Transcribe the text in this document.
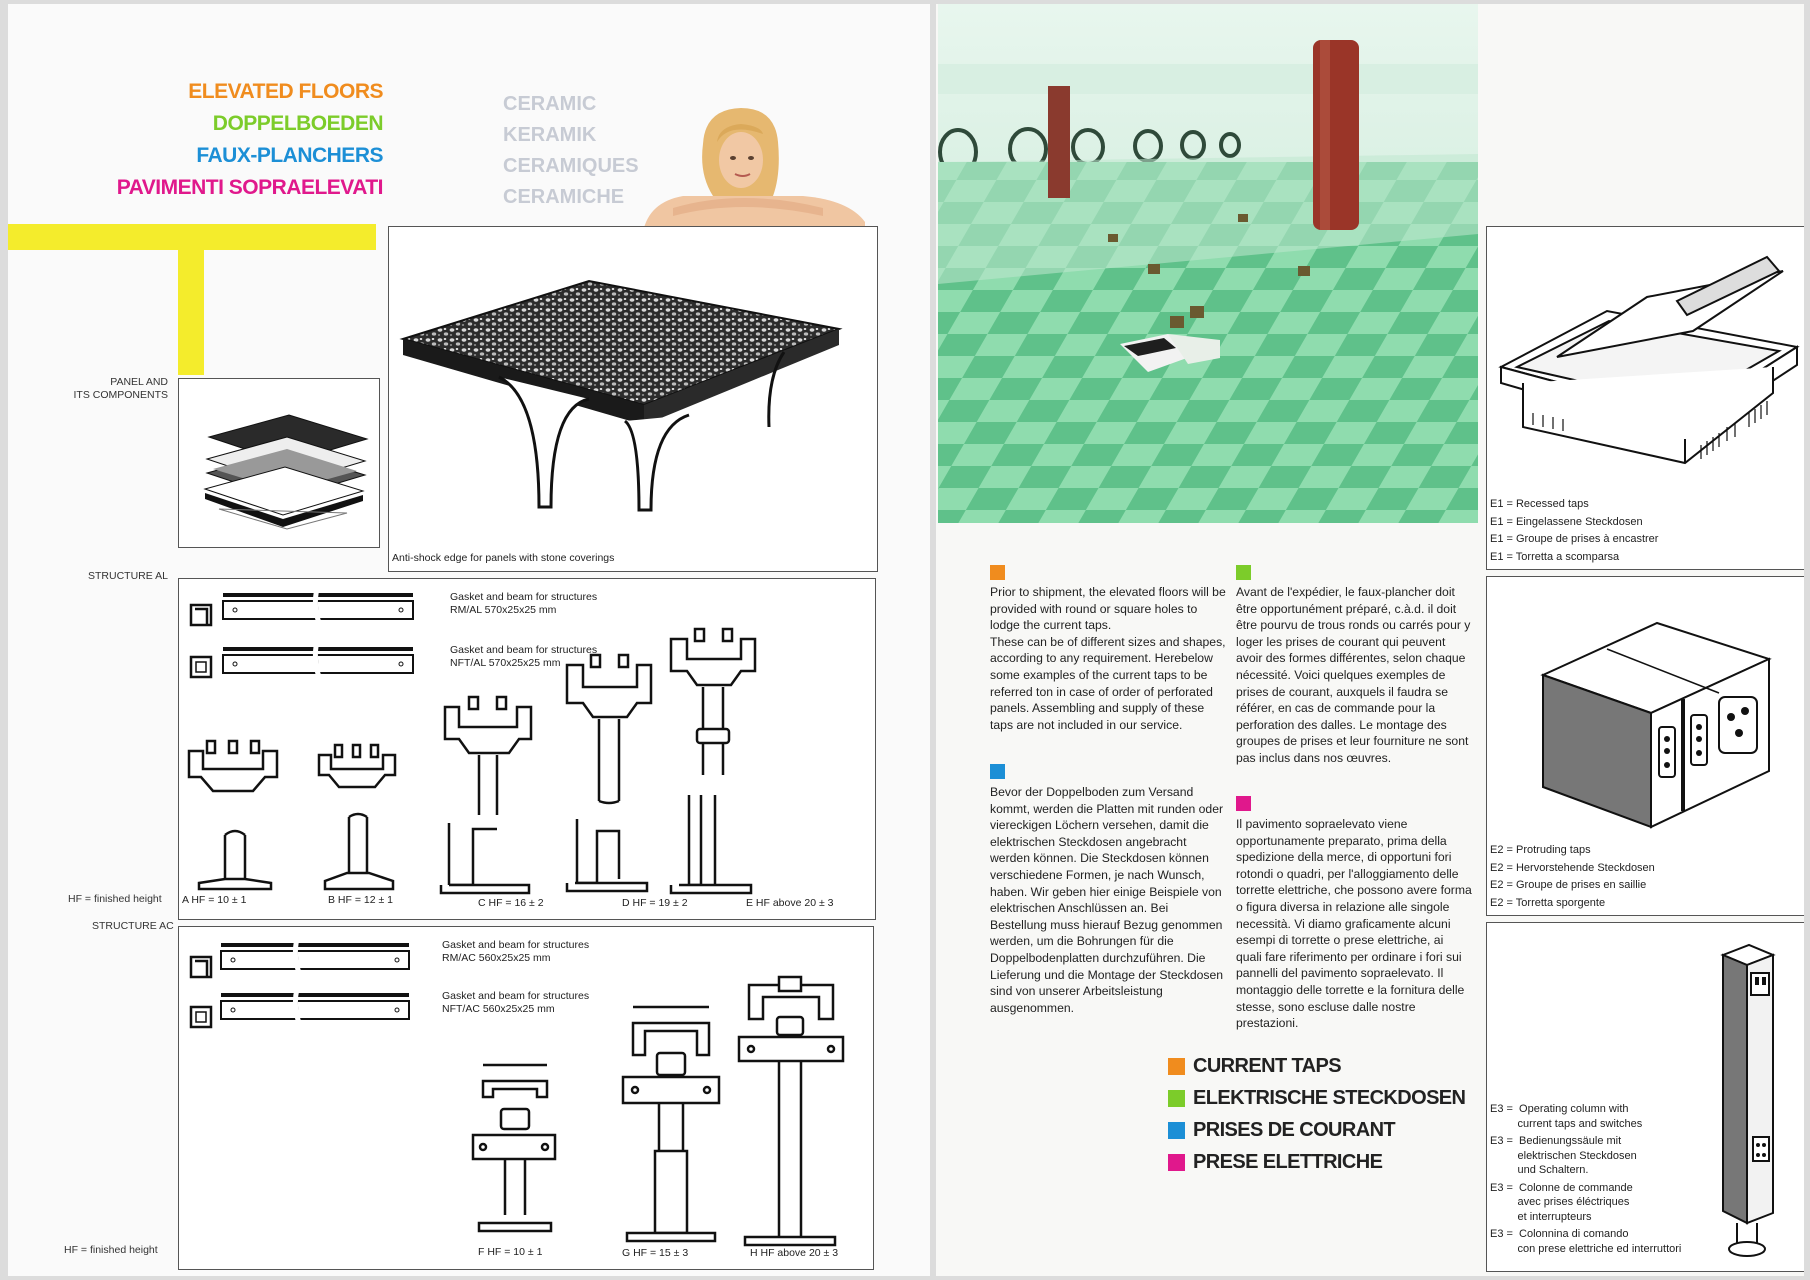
CERAMIC
KERAMIK
CERAMIQUES
CERAMICHE
ELEVATED FLOORS
DOPPELBOEDEN
FAUX-PLANCHERS
PAVIMENTI SOPRAELEVATI
Anti-shock edge for panels with stone coverings
PANEL AND
ITS COMPONENTS
STRUCTURE AL
Gasket and beam for structures
RM/AL 570x25x25 mm
Gasket and beam for structures
NFT/AL 570x25x25 mm
A HF = 10 ± 1	B HF = 12 ± 1	C HF = 16 ± 2	D HF = 19 ± 2	E HF above 20 ± 3
HF = finished height
STRUCTURE AC
Gasket and beam for structures
RM/AC 560x25x25 mm
Gasket and beam for structures
NFT/AC 560x25x25 mm
F HF = 10 ± 1	G HF = 15 ± 3	H HF above 20 ± 3
HF = finished height
Prior to shipment, the elevated floors will be provided with round or square holes to lodge the current taps.
These can be of different sizes and shapes, according to any requirement. Herebelow some examples of the current taps to be referred ton in case of order of perforated panels. Assembling and supply of these taps are not included in our service.
Bevor der Doppelboden zum Versand kommt, werden die Platten mit runden oder viereckigen Löchern versehen, damit die elektrischen Steckdosen angebracht werden können. Die Steckdosen können verschiedene Formen, je nach Wunsch, haben. Wir geben hier einige Beispiele von elektrischen Anschlüssen an. Bei Bestellung muss hierauf Bezug genommen werden, um die Bohrungen für die Doppelbodenplatten durchzuführen. Die Lieferung und die Montage der Steckdosen sind von unserer Arbeitsleistung ausgenommen.
Avant de l'expédier, le faux-plancher doit être opportunément préparé, c.à.d. il doit être pourvu de trous ronds ou carrés pour y loger les prises de courant qui peuvent avoir des formes différentes, selon chaque nécessité. Voici quelques exemples de prises de courant, auxquels il faudra se référer, en cas de commande pour la perforation des dalles. Le montage des groupes de prises et leur fourniture ne sont pas inclus dans nos œuvres.
Il pavimento sopraelevato viene opportunamente preparato, prima della spedizione della merce, di opportuni fori rotondi o quadri, per l'alloggiamento delle torrette elettriche, che possono avere forma o figura diversa in relazione alle singole necessità. Vi diamo graficamente alcuni esempi di torrette o prese elettriche, ai quali fare riferimento per ordinare i fori sui pannelli del pavimento sopraelevato. Il montaggio delle torrette e la fornitura delle stesse, sono escluse dalle nostre prestazioni.
CURRENT TAPS
ELEKTRISCHE STECKDOSEN
PRISES DE COURANT
PRESE ELETTRICHE
E1 = Recessed taps
E1 = Eingelassene Steckdosen
E1 = Groupe de prises à encastrer
E1 = Torretta a scomparsa
E2 = Protruding taps
E2 = Hervorstehende Steckdosen
E2 = Groupe de prises en saillie
E2 = Torretta sporgente
E3 =  Operating column with
current taps and switches
E3 =  Bedienungssäule mit
elektrischen Steckdosen
und Schaltern.
E3 =  Colonne de commande
avec prises éléctriques
et interrupteurs
E3 =  Colonnina di comando
con prese elettriche ed interruttori
